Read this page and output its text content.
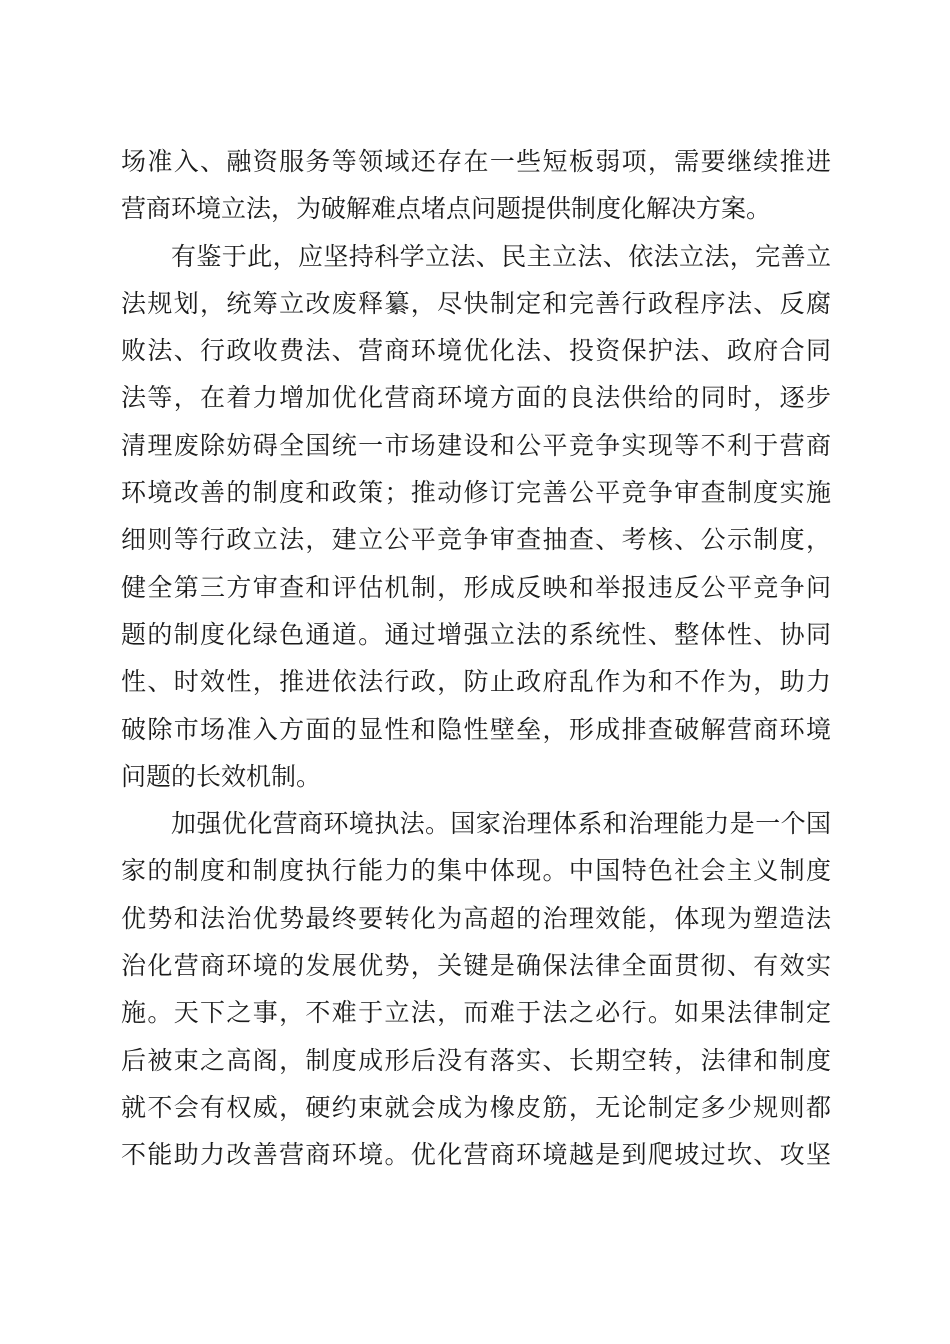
场准入、融资服务等领域还存在一些短板弱项，需要继续推进
营商环境立法，为破解难点堵点问题提供制度化解决方案。
有鉴于此，应坚持科学立法、民主立法、依法立法，完善立
法规划，统筹立改废释纂，尽快制定和完善行政程序法、反腐
败法、行政收费法、营商环境优化法、投资保护法、政府合同
法等，在着力增加优化营商环境方面的良法供给的同时，逐步
清理废除妨碍全国统一市场建设和公平竞争实现等不利于营商
环境改善的制度和政策；推动修订完善公平竞争审查制度实施
细则等行政立法，建立公平竞争审查抽查、考核、公示制度，
健全第三方审查和评估机制，形成反映和举报违反公平竞争问
题的制度化绿色通道。通过增强立法的系统性、整体性、协同
性、时效性，推进依法行政，防止政府乱作为和不作为，助力
破除市场准入方面的显性和隐性壁垒，形成排查破解营商环境
问题的长效机制。
加强优化营商环境执法。国家治理体系和治理能力是一个国
家的制度和制度执行能力的集中体现。中国特色社会主义制度
优势和法治优势最终要转化为高超的治理效能，体现为塑造法
治化营商环境的发展优势，关键是确保法律全面贯彻、有效实
施。天下之事，不难于立法，而难于法之必行。如果法律制定
后被束之高阁，制度成形后没有落实、长期空转，法律和制度
就不会有权威，硬约束就会成为橡皮筋，无论制定多少规则都
不能助力改善营商环境。优化营商环境越是到爬坡过坎、攻坚
